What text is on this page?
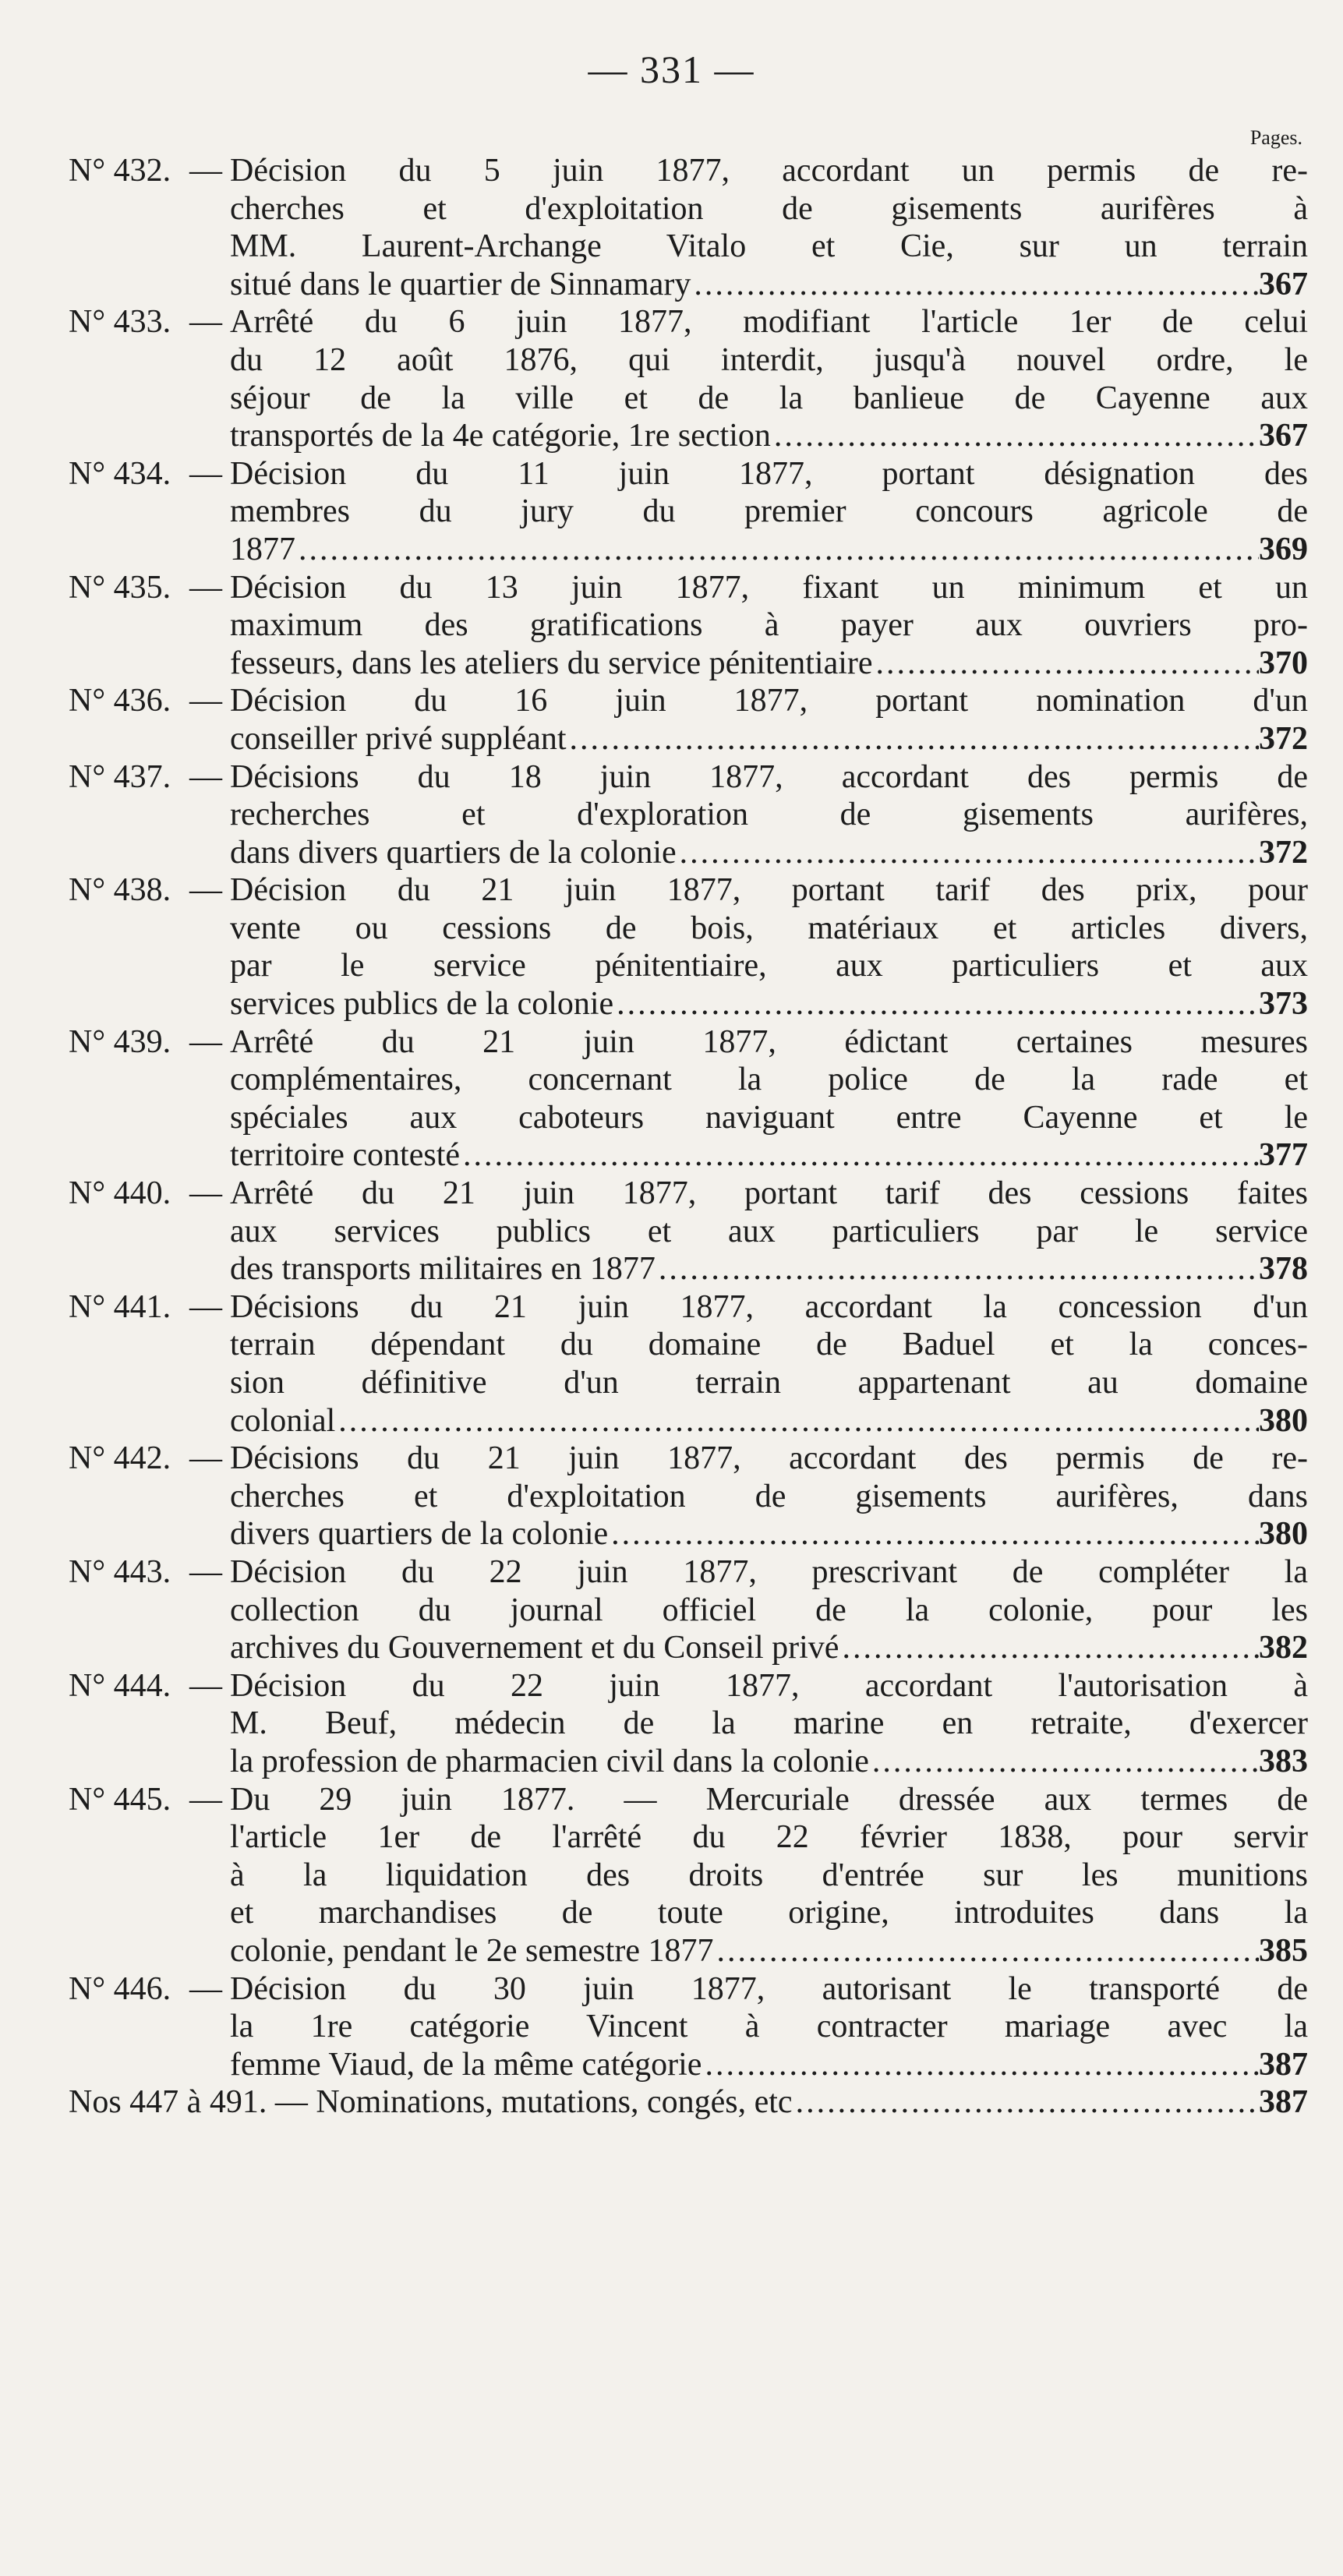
— 331 —
Pages.
N° 432. — Décision du 5 juin 1877, accordant un permis de re-
cherches et d'exploitation de gisements aurifères à
MM. Laurent-Archange Vitalo et Cie, sur un terrain
situé dans le quartier de Sinnamary .....	367
N° 433. — Arrêté du 6 juin 1877, modifiant l'article 1er de celui
du 12 août 1876, qui interdit, jusqu'à nouvel ordre, le
séjour de la ville et de la banlieue de Cayenne aux
transportés de la 4e catégorie, 1re section .....	367
N° 434. — Décision du 11 juin 1877, portant désignation des
membres du jury du premier concours agricole de
1877 .....	369
N° 435. — Décision du 13 juin 1877, fixant un minimum et un
maximum des gratifications à payer aux ouvriers pro-
fesseurs, dans les ateliers du service pénitentiaire .....	370
N° 436. — Décision du 16 juin 1877, portant nomination d'un
conseiller privé suppléant .....	372
N° 437. — Décisions du 18 juin 1877, accordant des permis de
recherches et d'exploration de gisements aurifères,
dans divers quartiers de la colonie .....	372
N° 438. — Décision du 21 juin 1877, portant tarif des prix, pour
vente ou cessions de bois, matériaux et articles divers,
par le service pénitentiaire, aux particuliers et aux
services publics de la colonie .....	373
N° 439. — Arrêté du 21 juin 1877, édictant certaines mesures
complémentaires, concernant la police de la rade et
spéciales aux caboteurs naviguant entre Cayenne et le
territoire contesté .....	377
N° 440. — Arrêté du 21 juin 1877, portant tarif des cessions faites
aux services publics et aux particuliers par le service
des transports militaires en 1877 .....	378
N° 441. — Décisions du 21 juin 1877, accordant la concession d'un
terrain dépendant du domaine de Baduel et la conces-
sion définitive d'un terrain appartenant au domaine
colonial .....	380
N° 442. — Décisions du 21 juin 1877, accordant des permis de re-
cherches et d'exploitation de gisements aurifères, dans
divers quartiers de la colonie .....	380
N° 443. — Décision du 22 juin 1877, prescrivant de compléter la
collection du journal officiel de la colonie, pour les
archives du Gouvernement et du Conseil privé .....	382
N° 444. — Décision du 22 juin 1877, accordant l'autorisation à
M. Beuf, médecin de la marine en retraite, d'exercer
la profession de pharmacien civil dans la colonie .....	383
N° 445. — Du 29 juin 1877. — Mercuriale dressée aux termes de
l'article 1er de l'arrêté du 22 février 1838, pour servir
à la liquidation des droits d'entrée sur les munitions
et marchandises de toute origine, introduites dans la
colonie, pendant le 2e semestre 1877 .....	385
N° 446. — Décision du 30 juin 1877, autorisant le transporté de
la 1re catégorie Vincent à contracter mariage avec la
femme Viaud, de la même catégorie .....	387
Nos 447 à 491. — Nominations, mutations, congés, etc .....	387
